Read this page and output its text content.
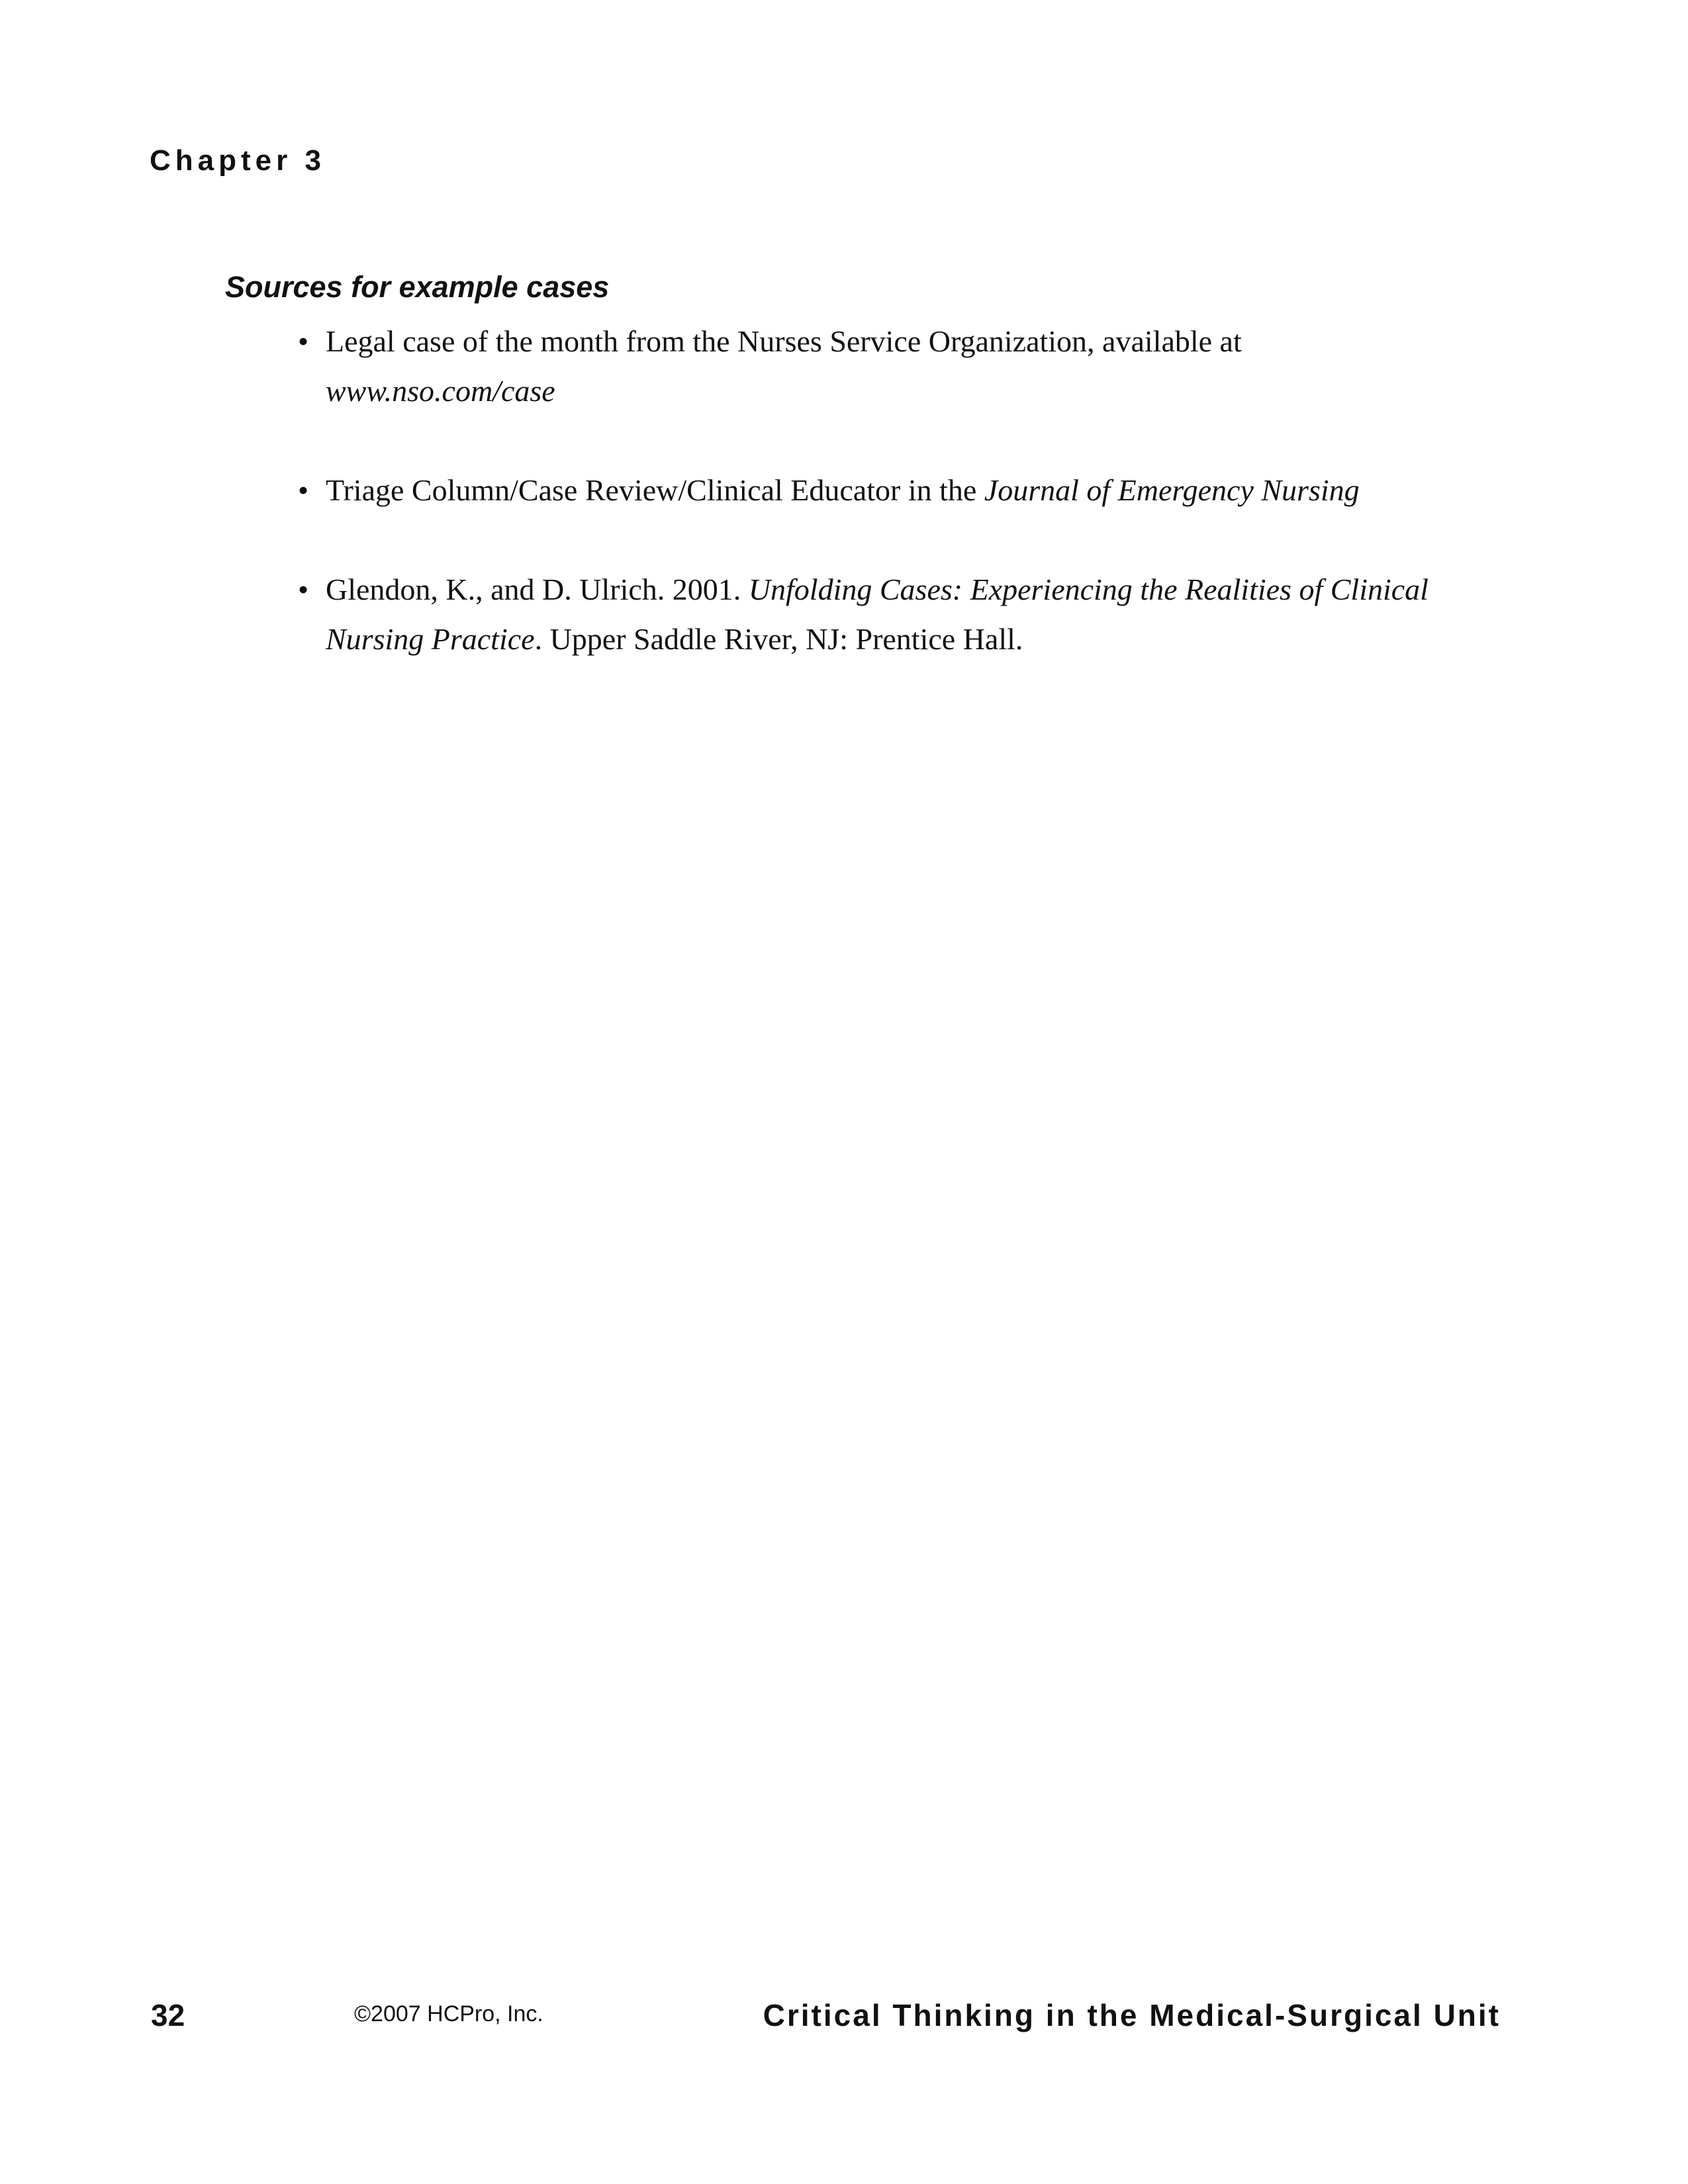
Chapter 3
Sources for example cases
• Legal case of the month from the Nurses Service Organization, available at
www.nso.com/case
• Triage Column/Case Review/Clinical Educator in the Journal of Emergency Nursing
• Glendon, K., and D. Ulrich. 2001. Unfolding Cases: Experiencing the Realities of Clinical Nursing Practice. Upper Saddle River, NJ: Prentice Hall.
32	©2007 HCPro, Inc.	Critical Thinking in the Medical-Surgical Unit
